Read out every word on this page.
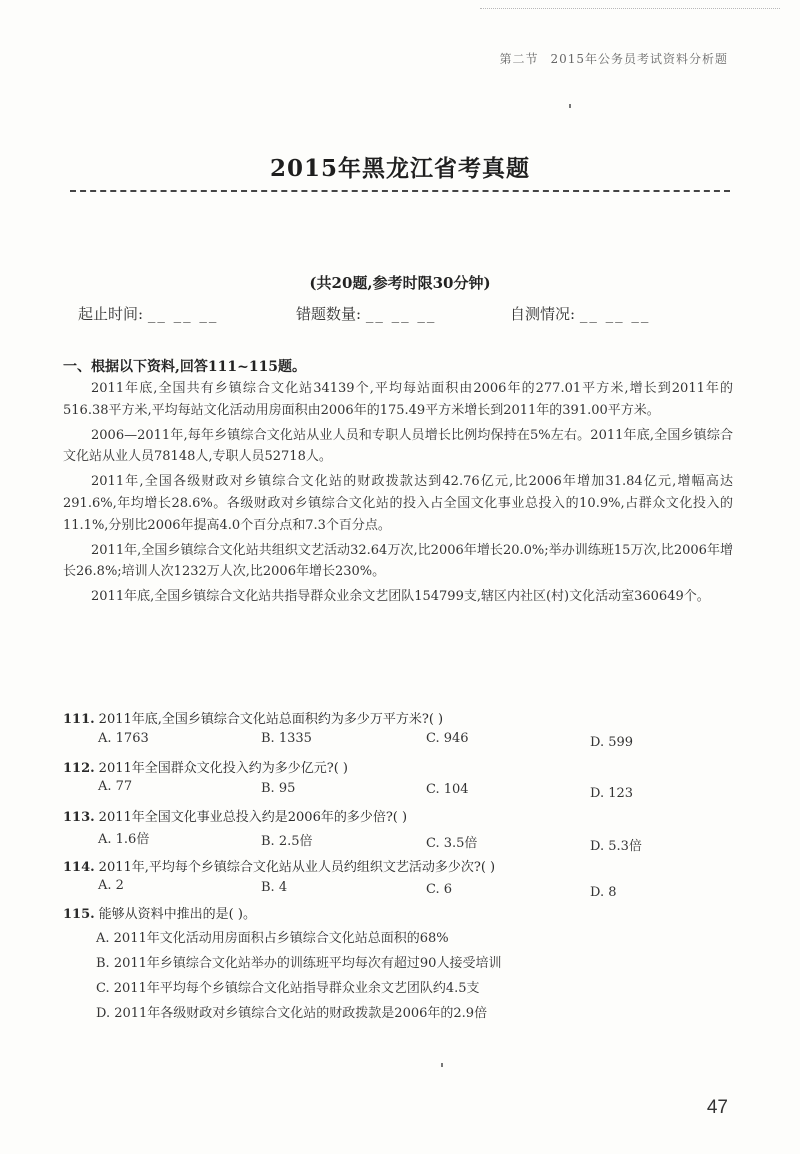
第二节 2015年公务员考试资料分析题
2015年黑龙江省考真题
(共20题,参考时限30分钟)
起止时间: __ __ __	错题数量: __ __ __	自测情况: __ __ __
一、根据以下资料,回答111~115题。

2011年底,全国共有乡镇综合文化站34139个,平均每站面积由2006年的277.01平方米,增长到2011年的516.38平方米,平均每站文化活动用房面积由2006年的175.49平方米增长到2011年的391.00平方米。

2006—2011年,每年乡镇综合文化站从业人员和专职人员增长比例均保持在5%左右。2011年底,全国乡镇综合文化站从业人员78148人,专职人员52718人。

2011年,全国各级财政对乡镇综合文化站的财政拨款达到42.76亿元,比2006年增加31.84亿元,增幅高达291.6%,年均增长28.6%。各级财政对乡镇综合文化站的投入占全国文化事业总投入的10.9%,占群众文化投入的11.1%,分别比2006年提高4.0个百分点和7.3个百分点。

2011年,全国乡镇综合文化站共组织文艺活动32.64万次,比2006年增长20.0%;举办训练班15万次,比2006年增长26.8%;培训人次1232万人次,比2006年增长230%。

2011年底,全国乡镇综合文化站共指导群众业余文艺团队154799支,辖区内社区(村)文化活动室360649个。

111. 2011年底,全国乡镇综合文化站总面积约为多少万平方米?( )
A. 1763	B. 1335	C. 946	D. 599
112. 2011年全国群众文化投入约为多少亿元?( )
A. 77	B. 95	C. 104	D. 123
113. 2011年全国文化事业总投入约是2006年的多少倍?( )
A. 1.6倍	B. 2.5倍	C. 3.5倍	D. 5.3倍
114. 2011年,平均每个乡镇综合文化站从业人员约组织文艺活动多少次?( )
A. 2	B. 4	C. 6	D. 8
115. 能够从资料中推出的是( )。
A. 2011年文化活动用房面积占乡镇综合文化站总面积的68%
B. 2011年乡镇综合文化站举办的训练班平均每次有超过90人接受培训
C. 2011年平均每个乡镇综合文化站指导群众业余文艺团队约4.5支
D. 2011年各级财政对乡镇综合文化站的财政拨款是2006年的2.9倍
47
